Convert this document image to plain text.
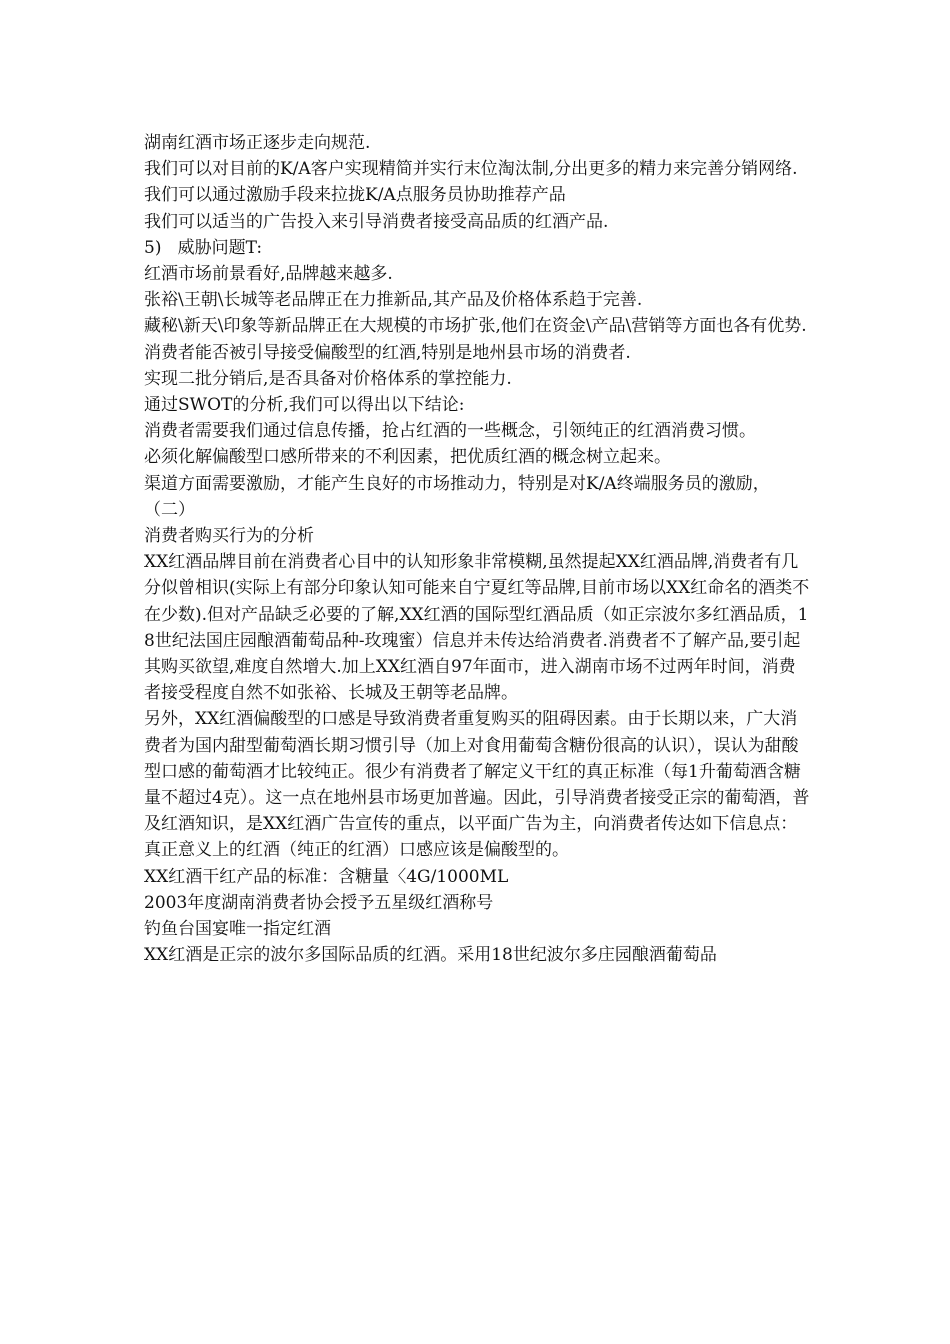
湖南红酒市场正逐步走向规范.

我们可以对目前的K/A客户实现精简并实行末位淘汰制,分出更多的精力来完善分销网络.

我们可以通过激励手段来拉拢K/A点服务员协助推荐产品

我们可以适当的广告投入来引导消费者接受高品质的红酒产品.

5)   威胁问题T:

红酒市场前景看好,品牌越来越多.

张裕\王朝\长城等老品牌正在力推新品,其产品及价格体系趋于完善.

藏秘\新天\印象等新品牌正在大规模的市场扩张,他们在资金\产品\营销等方面也各有优势.

消费者能否被引导接受偏酸型的红酒,特别是地州县市场的消费者.

实现二批分销后,是否具备对价格体系的掌控能力.

通过SWOT的分析,我们可以得出以下结论:

消费者需要我们通过信息传播，抢占红酒的一些概念，引领纯正的红酒消费习惯。

必须化解偏酸型口感所带来的不利因素，把优质红酒的概念树立起来。

渠道方面需要激励，才能产生良好的市场推动力，特别是对K/A终端服务员的激励，

（二）

消费者购买行为的分析

XX红酒品牌目前在消费者心目中的认知形象非常模糊,虽然提起XX红酒品牌,消费者有几分似曾相识(实际上有部分印象认知可能来自宁夏红等品牌,目前市场以XX红命名的酒类不在少数).但对产品缺乏必要的了解,XX红酒的国际型红酒品质（如正宗波尔多红酒品质，18世纪法国庄园酿酒葡萄品种-玫瑰蜜）信息并未传达给消费者.消费者不了解产品,要引起其购买欲望,难度自然增大.加上XX红酒自97年面市，进入湖南市场不过两年时间，消费者接受程度自然不如张裕、长城及王朝等老品牌。

另外，XX红酒偏酸型的口感是导致消费者重复购买的阻碍因素。由于长期以来，广大消费者为国内甜型葡萄酒长期习惯引导（加上对食用葡萄含糖份很高的认识），误认为甜酸型口感的葡萄酒才比较纯正。很少有消费者了解定义干红的真正标准（每1升葡萄酒含糖量不超过4克）。这一点在地州县市场更加普遍。因此，引导消费者接受正宗的葡萄酒，普及红酒知识，是XX红酒广告宣传的重点，以平面广告为主，向消费者传达如下信息点：

真正意义上的红酒（纯正的红酒）口感应该是偏酸型的。

XX红酒干红产品的标准：含糖量〈4G/1000ML

2003年度湖南消费者协会授予五星级红酒称号

钓鱼台国宴唯一指定红酒

XX红酒是正宗的波尔多国际品质的红酒。采用18世纪波尔多庄园酿酒葡萄品
